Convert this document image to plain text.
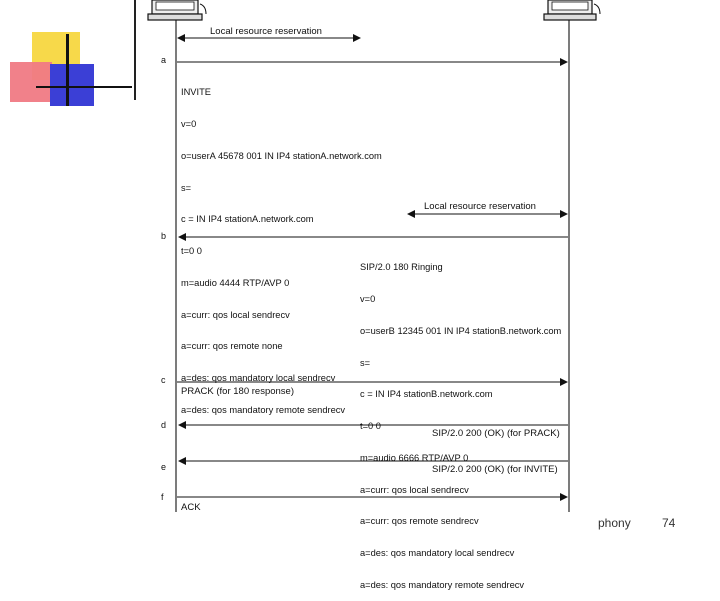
Local resource reservation
a
b
c
d
e
f
Local resource reservation
PRACK (for 180 response)
SIP/2.0 200 (OK) (for PRACK)
SIP/2.0 200 (OK) (for INVITE)
ACK

INVITE

v=0

o=userA 45678 001 IN IP4 stationA.network.com

s=

c = IN IP4 stationA.network.com

t=0 0

m=audio 4444 RTP/AVP 0

a=curr: qos local sendrecv

a=curr: qos remote none

a=des: qos mandatory local sendrecv

a=des: qos mandatory remote sendrecv

SIP/2.0 180 Ringing

v=0

o=userB 12345 001 IN IP4 stationB.network.com

s=

c = IN IP4 stationB.network.com

t=0 0

m=audio 6666 RTP/AVP 0

a=curr: qos local sendrecv

a=curr: qos remote sendrecv

a=des: qos mandatory local sendrecv

a=des: qos mandatory remote sendrecv

phony	74
